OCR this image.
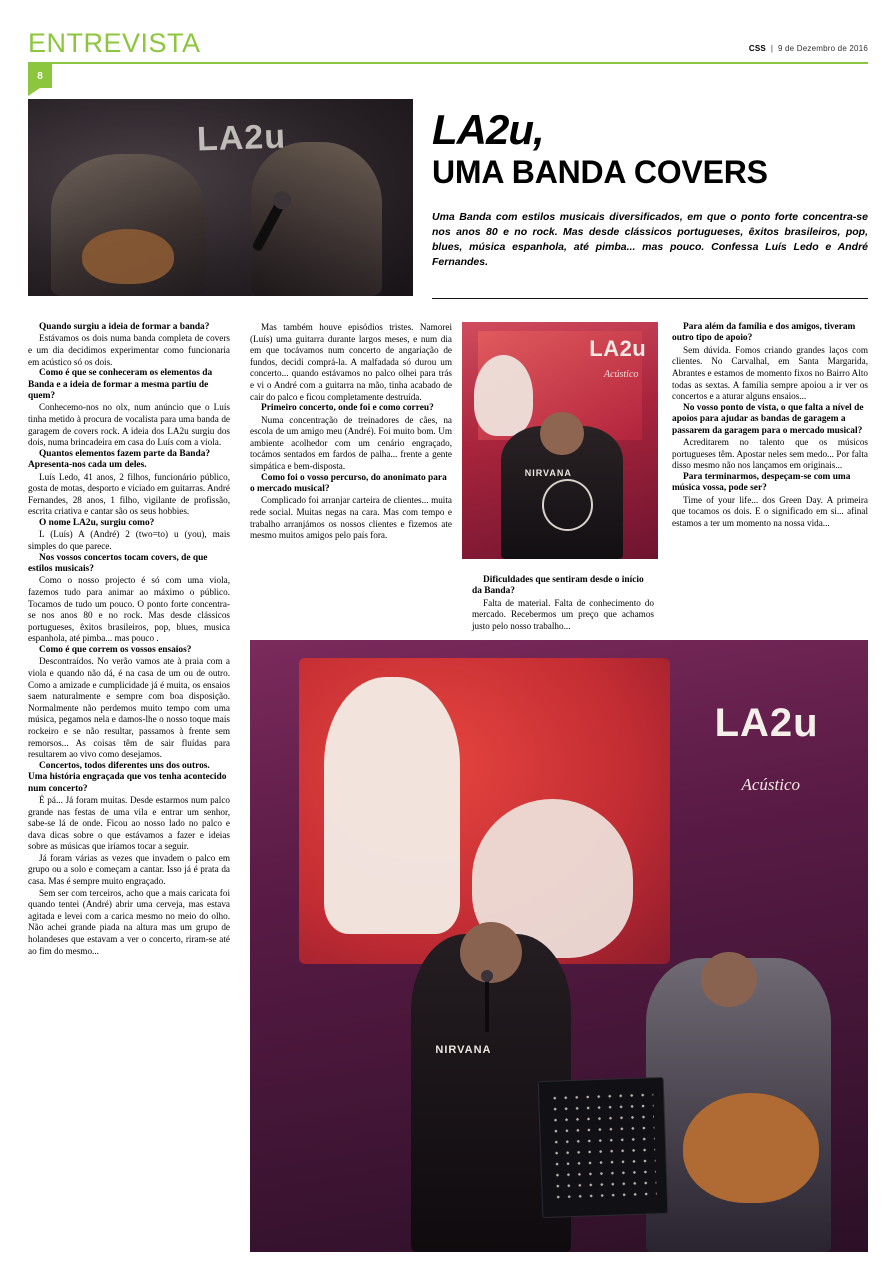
ENTREVISTA	CSS  |  9 de Dezembro de 2016
8
LA2u	LA2u,
UMA BANDA COVERS
Uma Banda com estilos musicais diversificados, em que o ponto forte concentra-se nos anos 80 e no rock. Mas desde clássicos portugueses, êxitos brasileiros, pop, blues, música espanhola, até pimba... mas pouco. Confessa Luís Ledo e André Fernandes.
LA2u
Acústico
NIRVANA

Quando surgiu a ideia de formar a banda?

Estávamos os dois numa banda completa de covers e um dia decidimos experimentar como funcionaria em acústico só os dois.

Como é que se conheceram os elementos da Banda e a ideia de formar a mesma partiu de quem?

Conhecemo-nos no olx, num anúncio que o Luís tinha metido à procura de vocalista para uma banda de garagem de covers rock. A ideia dos LA2u surgiu dos dois, numa brincadeira em casa do Luís com a viola.

Quantos elementos fazem parte da Banda? Apresenta-nos cada um deles.

Luís Ledo, 41 anos, 2 filhos, funcionário público, gosta de motas, desporto e viciado em guitarras. André Fernandes, 28 anos, 1 filho, vigilante de profissão, escrita criativa e cantar são os seus hobbies.

O nome LA2u, surgiu como?

L (Luís) A (André) 2 (two=to) u (you), mais simples do que parece.

Nos vossos concertos tocam covers, de que estilos musicais?

Como o nosso projecto é só com uma viola, fazemos tudo para animar ao máximo o público. Tocamos de tudo um pouco. O ponto forte concentra-se nos anos 80 e no rock. Mas desde clássicos portugueses, êxitos brasileiros, pop, blues, musica espanhola, até pimba... mas pouco .

Como é que correm os vossos ensaios?

Descontraídos. No verão vamos ate à praia com a viola e quando não dá, é na casa de um ou de outro. Como a amizade e cumplicidade já é muita, os ensaios saem naturalmente e sempre com boa disposição. Normalmente não perdemos muito tempo com uma música, pegamos nela e damos-lhe o nosso toque mais rockeiro e se não resultar, passamos à frente sem remorsos... As coisas têm de sair fluídas para resultarem ao vivo como desejamos.

Concertos, todos diferentes uns dos outros. Uma história engraçada que vos tenha acontecido num concerto?

É pá... Já foram muitas. Desde estarmos num palco grande nas festas de uma vila e entrar um senhor, sabe-se lá de onde. Ficou ao nosso lado no palco e dava dicas sobre o que estávamos a fazer e ideias sobre as músicas que iríamos tocar a seguir.

Já foram várias as vezes que invadem o palco em grupo ou a solo e começam a cantar. Isso já é prata da casa. Mas é sempre muito engraçado.

Sem ser com terceiros, acho que a mais caricata foi quando tentei (André) abrir uma cerveja, mas estava agitada e levei com a carica mesmo no meio do olho. Não achei grande piada na altura mas um grupo de holandeses que estavam a ver o concerto, riram-se até ao fim do mesmo...

Mas também houve episódios tristes. Namorei (Luís) uma guitarra durante largos meses, e num dia em que tocávamos num concerto de angariação de fundos, decidi comprá-la. A malfadada só durou um concerto... quando estávamos no palco olhei para trás e vi o André com a guitarra na mão, tinha acabado de cair do palco e ficou completamente destruída.

Primeiro concerto, onde foi e como correu?

Numa concentração de treinadores de cães, na escola de um amigo meu (André). Foi muito bom. Um ambiente acolhedor com um cenário engraçado, tocámos sentados em fardos de palha... frente a gente simpática e bem-disposta.

Como foi o vosso percurso, do anonimato para o mercado musical?

Complicado foi arranjar carteira de clientes... muita rede social. Muitas negas na cara. Mas com tempo e trabalho arranjámos os nossos clientes e fizemos ate mesmo muitos amigos pelo país fora.

Dificuldades que sentiram desde o início da Banda?

Falta de material. Falta de conhecimento do mercado. Recebermos um preço que achamos justo pelo nosso trabalho...

Para além da família e dos amigos, tiveram outro tipo de apoio?

Sem dúvida. Fomos criando grandes laços com clientes. No Carvalhal, em Santa Margarida, Abrantes e estamos de momento fixos no Bairro Alto todas as sextas. A família sempre apoiou a ir ver os concertos e a aturar alguns ensaios...

No vosso ponto de vista, o que falta a nível de apoios para ajudar as bandas de garagem a passarem da garagem para o mercado musical?

Acreditarem no talento que os músicos portugueses têm. Apostar neles sem medo... Por falta disso mesmo não nos lançamos em originais...

Para terminarmos, despeçam-se com uma música vossa, pode ser?

Time of your life... dos Green Day. A primeira que tocamos os dois. E o significado em si... afinal estamos a ter um momento na nossa vida...

LA2u
Acústico
NIRVANA
